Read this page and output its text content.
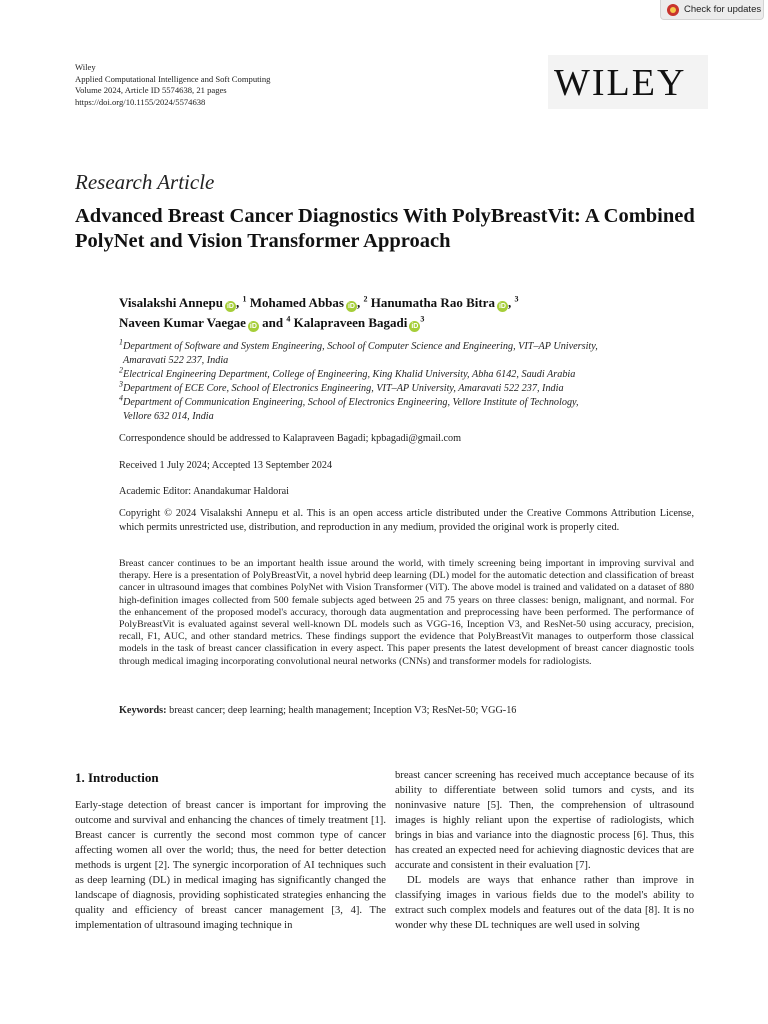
Check for updates
Wiley
Applied Computational Intelligence and Soft Computing
Volume 2024, Article ID 5574638, 21 pages
https://doi.org/10.1155/2024/5574638	WILEY
Research Article
Advanced Breast Cancer Diagnostics With PolyBreastVit: A Combined PolyNet and Vision Transformer Approach
Visalakshi Annepu iD , $^1$ Mohamed Abbas iD , $^2$ Hanumatha Rao Bitra iD , $^3$
Naveen Kumar Vaegae iD and $^4$ Kalapraveen Bagadi $iD^3$
$^1$Department of Software and System Engineering, School of Computer Science and Engineering, VIT–AP University,
Amaravati 522 237, India
$^2$Electrical Engineering Department, College of Engineering, King Khalid University, Abha 6142, Saudi Arabia
$^3$Department of ECE Core, School of Electronics Engineering, VIT–AP University, Amaravati 522 237, India
$^4$Department of Communication Engineering, School of Electronics Engineering, Vellore Institute of Technology,
Vellore 632 014, India
Correspondence should be addressed to Kalapraveen Bagadi; kpbagadi@gmail.com
Received 1 July 2024; Accepted 13 September 2024
Academic Editor: Anandakumar Haldorai
Copyright © 2024 Visalakshi Annepu et al. This is an open access article distributed under the Creative Commons Attribution License, which permits unrestricted use, distribution, and reproduction in any medium, provided the original work is properly cited.
Breast cancer continues to be an important health issue around the world, with timely screening being important in improving survival and therapy. Here is a presentation of PolyBreastVit, a novel hybrid deep learning (DL) model for the automatic detection and classification of breast cancer in ultrasound images that combines PolyNet with Vision Transformer (ViT). The above model is trained and validated on a dataset of 880 high-definition images collected from 500 female subjects aged between 25 and 75 years on three classes: benign, malignant, and normal. For the enhancement of the proposed model's accuracy, thorough data augmentation and preprocessing have been performed. The performance of PolyBreastVit is evaluated against several well-known DL models such as VGG-16, Inception V3, and ResNet-50 using accuracy, precision, recall, F1, AUC, and other standard metrics. These findings support the evidence that PolyBreastVit manages to outperform those classical models in the task of breast cancer classification in every aspect. This paper presents the latest development of breast cancer diagnostic tools through medical imaging incorporating convolutional neural networks (CNNs) and transformer models for radiologists.
Keywords: breast cancer; deep learning; health management; Inception V3; ResNet-50; VGG-16
1. Introduction

Early-stage detection of breast cancer is important for improving the outcome and survival and enhancing the chances of timely treatment [1]. Breast cancer is currently the second most common type of cancer affecting women all over the world; thus, the need for better detection methods is urgent [2]. The synergic incorporation of AI techniques such as deep learning (DL) in medical imaging has significantly changed the landscape of diagnosis, providing sophisticated strategies enhancing the quality and efficiency of breast cancer management [3, 4]. The implementation of ultrasound imaging technique in

breast cancer screening has received much acceptance because of its ability to differentiate between solid tumors and cysts, and its noninvasive nature [5]. Then, the comprehension of ultrasound images is highly reliant upon the expertise of radiologists, which brings in bias and variance into the diagnostic process [6]. Thus, this has created an expected need for achieving diagnostic devices that are accurate and consistent in their evaluation [7].

DL models are ways that enhance rather than improve in classifying images in various fields due to the model's ability to extract such complex models and features out of the data [8]. It is no wonder why these DL techniques are well used in solving
